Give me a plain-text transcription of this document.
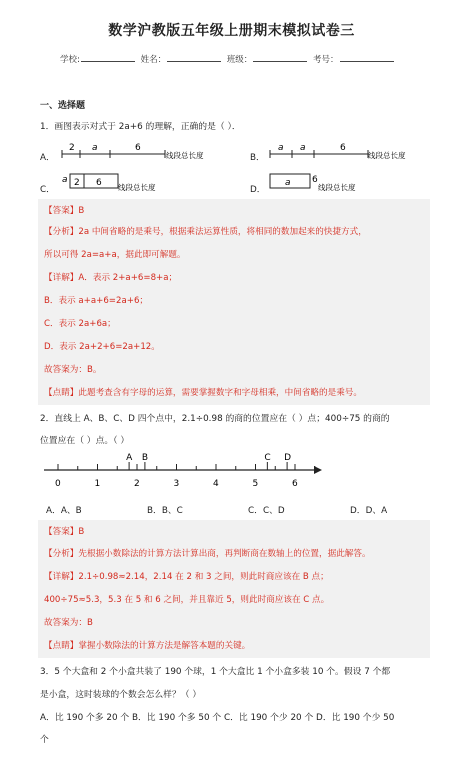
数学沪教版五年级上册期末模拟试卷三
学校:	姓名：	班级：	考号：
一、选择题
1．画图表示对式于 2a+6 的理解，正确的是（ ）．
A．
2 a	6
线段总长度	B．
a a	6
线段总长度
C．
a 2 6 线段总长度	D．
a 6
线段总长度
【答案】B
【分析】2a 中间省略的是乘号，根据乘法运算性质，将相同的数加起来的快捷方式，
所以可得 2a=a+a，据此即可解题。
【详解】A．表示 2+a+6=8+a；
B．表示 a+a+6=2a+6；
C．表示 2a+6a；
D．表示 2a+2+6=2a+12。
故答案为：B。
【点睛】此题考查含有字母的运算，需要掌握数字和字母相乘，中间省略的是乘号。
2．直线上 A、B、C、D 四个点中，2.1÷0.98 的商的位置应在（ ）点；400÷75 的商的
位置应在（ ）点。（ ）
0	1	2	3	4	5	6
A B	C D
A．A、B	B．B、C	C．C、D	D．D、A
【答案】B
【分析】先根据小数除法的计算方法计算出商，再判断商在数轴上的位置，据此解答。
【详解】2.1÷0.98≈2.14，2.14 在 2 和 3 之间，则此时商应该在 B 点；
400÷75≈5.3，5.3 在 5 和 6 之间，并且靠近 5，则此时商应该在 C 点。
故答案为：B
【点睛】掌握小数除法的计算方法是解答本题的关键。
3．5 个大盒和 2 个小盒共装了 190 个球，1 个大盒比 1 个小盒多装 10 个。假设 7 个都
是小盒，这时装球的个数会怎么样？（ ）
A．比 190 个多 20 个 B．比 190 个多 50 个 C．比 190 个少 20 个 D．比 190 个少 50
个
